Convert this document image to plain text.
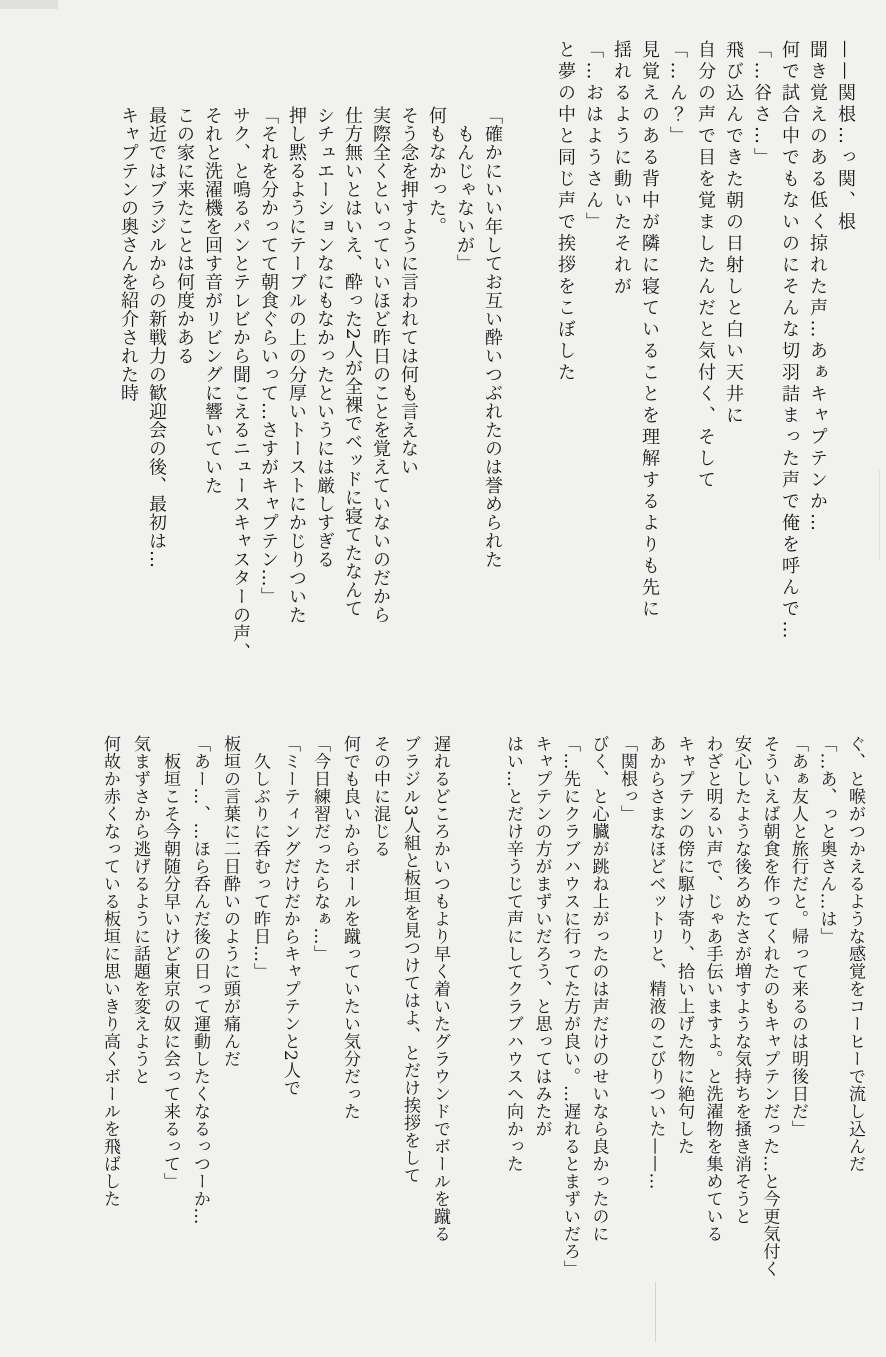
——関根…っ関、根
聞き覚えのある低く掠れた声…あぁキャプテンか…
何で試合中でもないのにそんな切羽詰まった声で俺を呼んで…
「…谷さ…」
飛び込んできた朝の日射しと白い天井に
自分の声で目を覚ましたんだと気付く、そして
「…ん？」
見覚えのある背中が隣に寝ていることを理解するよりも先に
揺れるように動いたそれが
「…おはようさん」
と夢の中と同じ声で挨拶をこぼした
「確かにいい年してお互い酔いつぶれたのは誉められた
　もんじゃないが」
何もなかった。
そう念を押すように言われては何も言えない
実際全くといっていいほど昨日のことを覚えていないのだから
仕方無いとはいえ、酔った2人が全裸でベッドに寝てたなんて
シチュエーションなにもなかったというには厳しすぎる
押し黙るようにテーブルの上の分厚いトーストにかじりついた
「それを分かってて朝食ぐらいって…さすがキャプテン…」
サク、と鳴るパンとテレビから聞こえるニュースキャスターの声、
それと洗濯機を回す音がリビングに響いていた
この家に来たことは何度かある
最近ではブラジルからの新戦力の歓迎会の後、最初は…
キャプテンの奥さんを紹介された時
ぐ、と喉がつかえるような感覚をコーヒーで流し込んだ
「…あ、っと奥さん…は」
「あぁ友人と旅行だと。帰って来るのは明後日だ」
そういえば朝食を作ってくれたのもキャプテンだった…と今更気付く
安心したような後ろめたさが増すような気持ちを掻き消そうと
わざと明るい声で、じゃあ手伝いますよ。と洗濯物を集めている
キャプテンの傍に駆け寄り、拾い上げた物に絶句した
あからさまなほどベットリと、精液のこびりついた——…
「関根っ」
びく、と心臓が跳ね上がったのは声だけのせいなら良かったのに
「…先にクラブハウスに行ってた方が良い。…遅れるとまずいだろ」
キャプテンの方がまずいだろう、と思ってはみたが
はい…とだけ辛うじて声にしてクラブハウスへ向かった
遅れるどころかいつもより早く着いたグラウンドでボールを蹴る
ブラジル3人組と板垣を見つけてはよ、とだけ挨拶をして
その中に混じる
何でも良いからボールを蹴っていたい気分だった
「今日練習だったらなぁ…」
「ミーティングだけだからキャプテンと2人で
　久しぶりに呑むって昨日…」
板垣の言葉に二日酔いのように頭が痛んだ
「あー…、…ほら呑んだ後の日って運動したくなるっつーか…
　板垣こそ今朝随分早いけど東京の奴に会って来るって」
気まずさから逃げるように話題を変えようと
何故か赤くなっている板垣に思いきり高くボールを飛ばした
